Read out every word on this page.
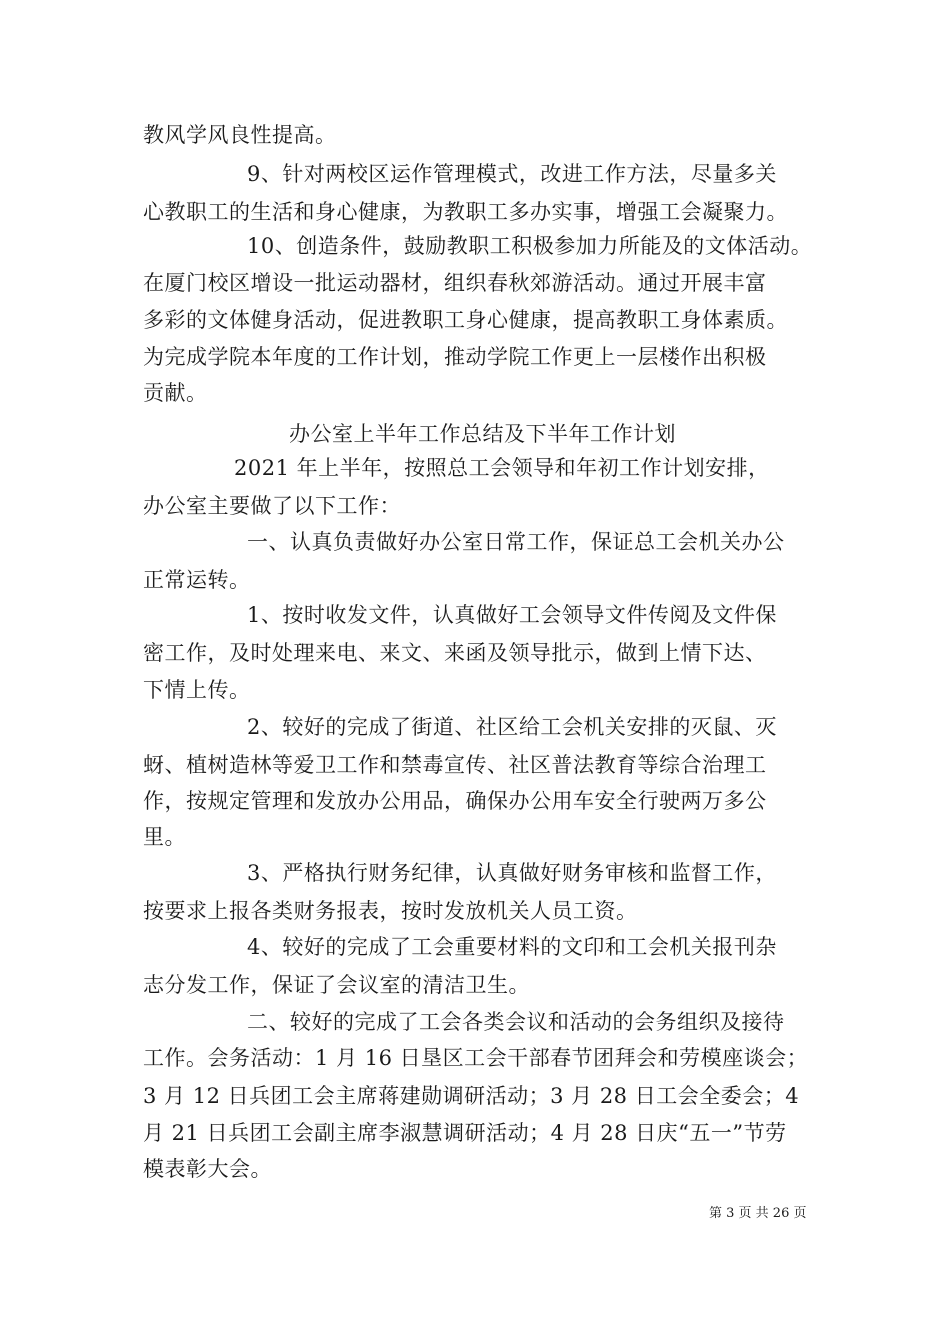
教风学风良性提高。
9、针对两校区运作管理模式，改进工作方法，尽量多关
心教职工的生活和身心健康，为教职工多办实事，增强工会凝聚力。
10、创造条件，鼓励教职工积极参加力所能及的文体活动。
在厦门校区增设一批运动器材，组织春秋郊游活动。通过开展丰富
多彩的文体健身活动，促进教职工身心健康，提高教职工身体素质。
为完成学院本年度的工作计划，推动学院工作更上一层楼作出积极
贡献。
办公室上半年工作总结及下半年工作计划
2021 年上半年，按照总工会领导和年初工作计划安排，
办公室主要做了以下工作：
一、认真负责做好办公室日常工作，保证总工会机关办公
正常运转。
1、按时收发文件，认真做好工会领导文件传阅及文件保
密工作，及时处理来电、来文、来函及领导批示，做到上情下达、
下情上传。
2、较好的完成了街道、社区给工会机关安排的灭鼠、灭
蚜、植树造林等爱卫工作和禁毒宣传、社区普法教育等综合治理工
作，按规定管理和发放办公用品，确保办公用车安全行驶两万多公
里。
3、严格执行财务纪律，认真做好财务审核和监督工作，
按要求上报各类财务报表，按时发放机关人员工资。
4、较好的完成了工会重要材料的文印和工会机关报刊杂
志分发工作，保证了会议室的清洁卫生。
二、较好的完成了工会各类会议和活动的会务组织及接待
工作。会务活动：1 月 16 日垦区工会干部春节团拜会和劳模座谈会；
3 月 12 日兵团工会主席蒋建勋调研活动；3 月 28 日工会全委会；4
月 21 日兵团工会副主席李淑慧调研活动；4 月 28 日庆“五一”节劳
模表彰大会。
第 3 页 共 26 页
